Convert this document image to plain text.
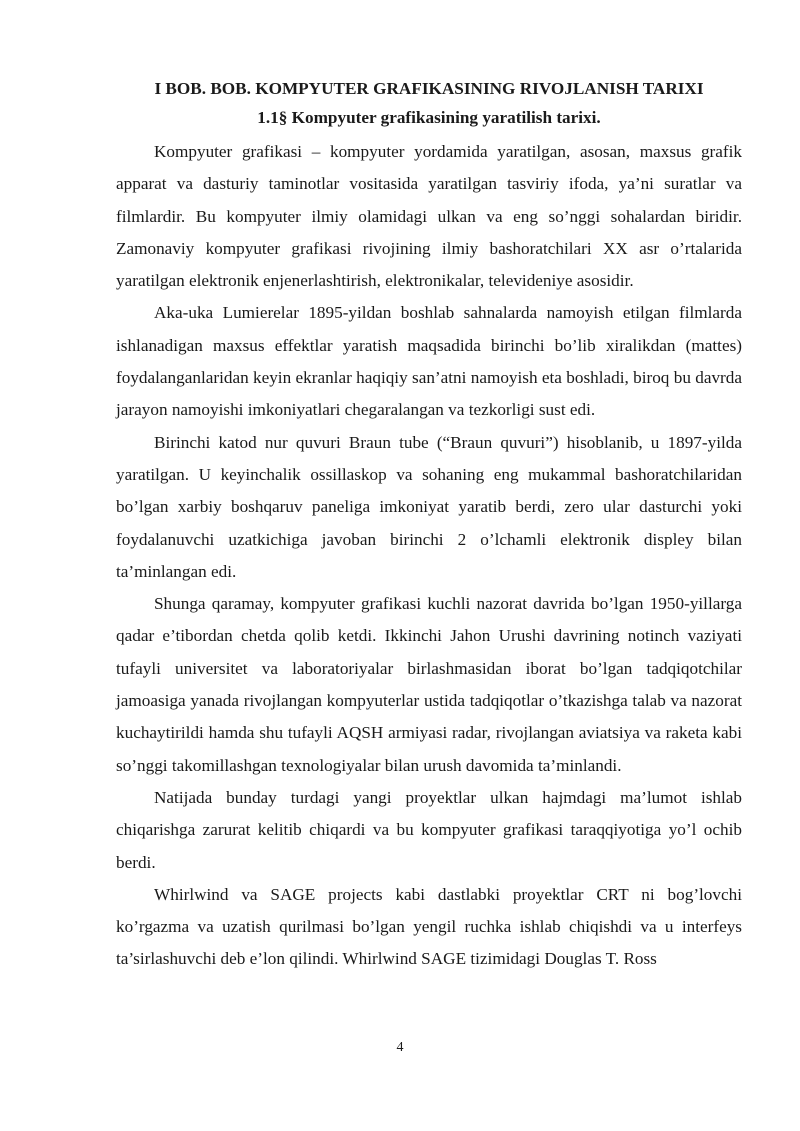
I BOB. BOB. KOMPYUTER GRAFIKASINING RIVOJLANISH TARIXI

1.1§ Kompyuter grafikasining yaratilish tarixi.

Kompyuter grafikasi – kompyuter yordamida yaratilgan, asosan, maxsus grafik apparat va dasturiy taminotlar vositasida yaratilgan tasviriy ifoda, ya’ni suratlar va filmlardir. Bu kompyuter ilmiy olamidagi ulkan va eng so’nggi sohalardan biridir. Zamonaviy kompyuter grafikasi rivojining ilmiy bashoratchilari XX asr o’rtalarida yaratilgan elektronik enjenerlashtirish, elektronikalar, televideniye asosidir.

Aka-uka Lumierelar 1895-yildan boshlab sahnalarda namoyish etilgan filmlarda ishlanadigan maxsus effektlar yaratish maqsadida birinchi bo’lib xiralikdan (mattes) foydalanganlaridan keyin ekranlar haqiqiy san’atni namoyish eta boshladi, biroq bu davrda jarayon namoyishi imkoniyatlari chegaralangan va tezkorligi sust edi.

Birinchi katod nur quvuri Braun tube (“Braun quvuri”) hisoblanib, u 1897-yilda yaratilgan. U keyinchalik ossillaskop va sohaning eng mukammal bashoratchilaridan bo’lgan xarbiy boshqaruv paneliga imkoniyat yaratib berdi, zero ular dasturchi yoki foydalanuvchi uzatkichiga javoban birinchi 2 o’lchamli elektronik displey bilan ta’minlangan edi.

Shunga qaramay, kompyuter grafikasi kuchli nazorat davrida bo’lgan 1950-yillarga qadar e’tibordan chetda qolib ketdi. Ikkinchi Jahon Urushi davrining notinch vaziyati tufayli universitet va laboratoriyalar birlashmasidan iborat bo’lgan tadqiqotchilar jamoasiga yanada rivojlangan kompyuterlar ustida tadqiqotlar o’tkazishga talab va nazorat kuchaytirildi hamda shu tufayli AQSH armiyasi radar, rivojlangan aviatsiya va raketa kabi so’nggi takomillashgan texnologiyalar bilan urush davomida ta’minlandi.

Natijada bunday turdagi yangi proyektlar ulkan hajmdagi ma’lumot ishlab chiqarishga zarurat kelitib chiqardi va bu kompyuter grafikasi taraqqiyotiga yo’l ochib berdi.

Whirlwind va SAGE projects kabi dastlabki proyektlar CRT ni bog’lovchi ko’rgazma va uzatish qurilmasi bo’lgan yengil ruchka ishlab chiqishdi va u interfeys ta’sirlashuvchi deb e’lon qilindi. Whirlwind SAGE tizimidagi Douglas T. Ross

4
